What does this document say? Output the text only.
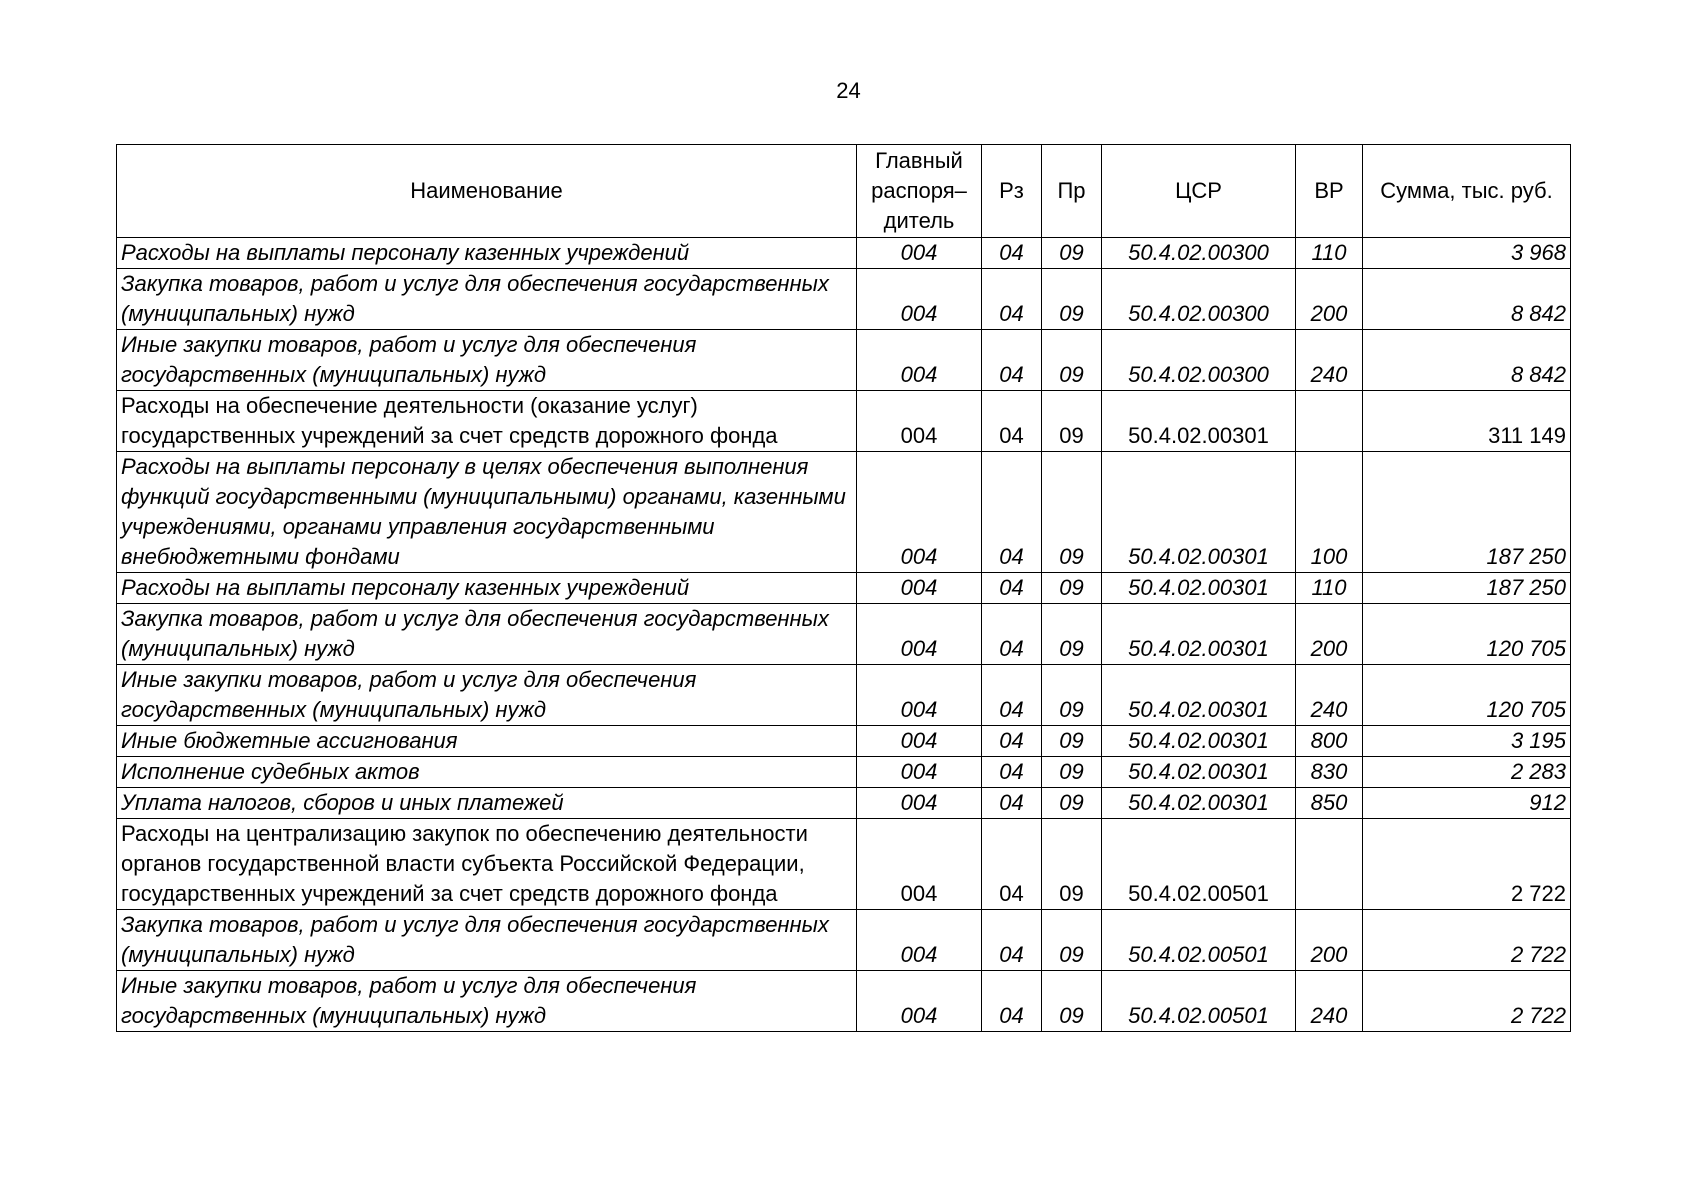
24
Наименование	Главный распоря– дитель	Рз	Пр	ЦСР	ВР	Сумма, тыс. руб.
Расходы на выплаты персоналу казенных учреждений	004	04	09	50.4.02.00300	110	3 968
Закупка товаров, работ и услуг для обеспечения государственных (муниципальных) нужд	004	04	09	50.4.02.00300	200	8 842
Иные закупки товаров, работ и услуг для обеспечения государственных (муниципальных) нужд	004	04	09	50.4.02.00300	240	8 842
Расходы на обеспечение деятельности (оказание услуг) государственных учреждений за счет средств дорожного фонда	004	04	09	50.4.02.00301		311 149
Расходы на выплаты персоналу в целях обеспечения выполнения функций государственными (муниципальными) органами, казенными учреждениями, органами управления государственными внебюджетными фондами	004	04	09	50.4.02.00301	100	187 250
Расходы на выплаты персоналу казенных учреждений	004	04	09	50.4.02.00301	110	187 250
Закупка товаров, работ и услуг для обеспечения государственных (муниципальных) нужд	004	04	09	50.4.02.00301	200	120 705
Иные закупки товаров, работ и услуг для обеспечения государственных (муниципальных) нужд	004	04	09	50.4.02.00301	240	120 705
Иные бюджетные ассигнования	004	04	09	50.4.02.00301	800	3 195
Исполнение судебных актов	004	04	09	50.4.02.00301	830	2 283
Уплата налогов, сборов и иных платежей	004	04	09	50.4.02.00301	850	912
Расходы на централизацию закупок по обеспечению деятельности органов государственной власти субъекта Российской Федерации, государственных учреждений за счет средств дорожного фонда	004	04	09	50.4.02.00501		2 722
Закупка товаров, работ и услуг для обеспечения государственных (муниципальных) нужд	004	04	09	50.4.02.00501	200	2 722
Иные закупки товаров, работ и услуг для обеспечения государственных (муниципальных) нужд	004	04	09	50.4.02.00501	240	2 722
